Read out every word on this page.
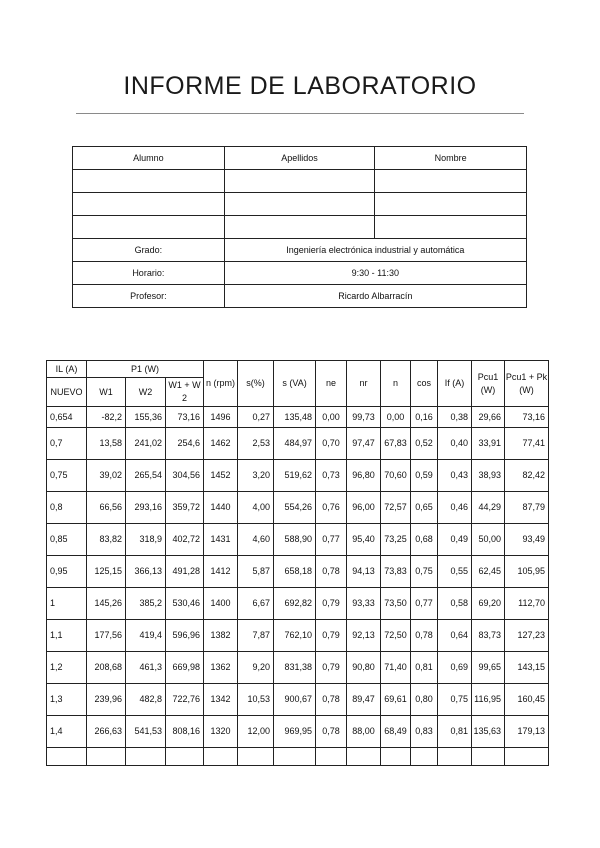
INFORME DE LABORATORIO
Alumno	Apellidos	Nombre

Grado:	Ingeniería electrónica industrial y automática	
Horario:	9:30 - 11:30	
Profesor:	Ricardo Albarracín	
IL (A)	P1 (W)			n (rpm)	s(%)	s (VA)	ne	nr	n	cos	If (A)	Pcu1 (W)	Pcu1 + Pk (W)
NUEVO	W1	W2	W1 + W2										
0,654	-82,2	155,36	73,16	1496	0,27	135,48	0,00	99,73	0,00	0,16	0,38	29,66	73,16
0,7	13,58	241,02	254,6	1462	2,53	484,97	0,70	97,47	67,83	0,52	0,40	33,91	77,41
0,75	39,02	265,54	304,56	1452	3,20	519,62	0,73	96,80	70,60	0,59	0,43	38,93	82,42
0,8	66,56	293,16	359,72	1440	4,00	554,26	0,76	96,00	72,57	0,65	0,46	44,29	87,79
0,85	83,82	318,9	402,72	1431	4,60	588,90	0,77	95,40	73,25	0,68	0,49	50,00	93,49
0,95	125,15	366,13	491,28	1412	5,87	658,18	0,78	94,13	73,83	0,75	0,55	62,45	105,95
1	145,26	385,2	530,46	1400	6,67	692,82	0,79	93,33	73,50	0,77	0,58	69,20	112,70
1,1	177,56	419,4	596,96	1382	7,87	762,10	0,79	92,13	72,50	0,78	0,64	83,73	127,23
1,2	208,68	461,3	669,98	1362	9,20	831,38	0,79	90,80	71,40	0,81	0,69	99,65	143,15
1,3	239,96	482,8	722,76	1342	10,53	900,67	0,78	89,47	69,61	0,80	0,75	116,95	160,45
1,4	266,63	541,53	808,16	1320	12,00	969,95	0,78	88,00	68,49	0,83	0,81	135,63	179,13
